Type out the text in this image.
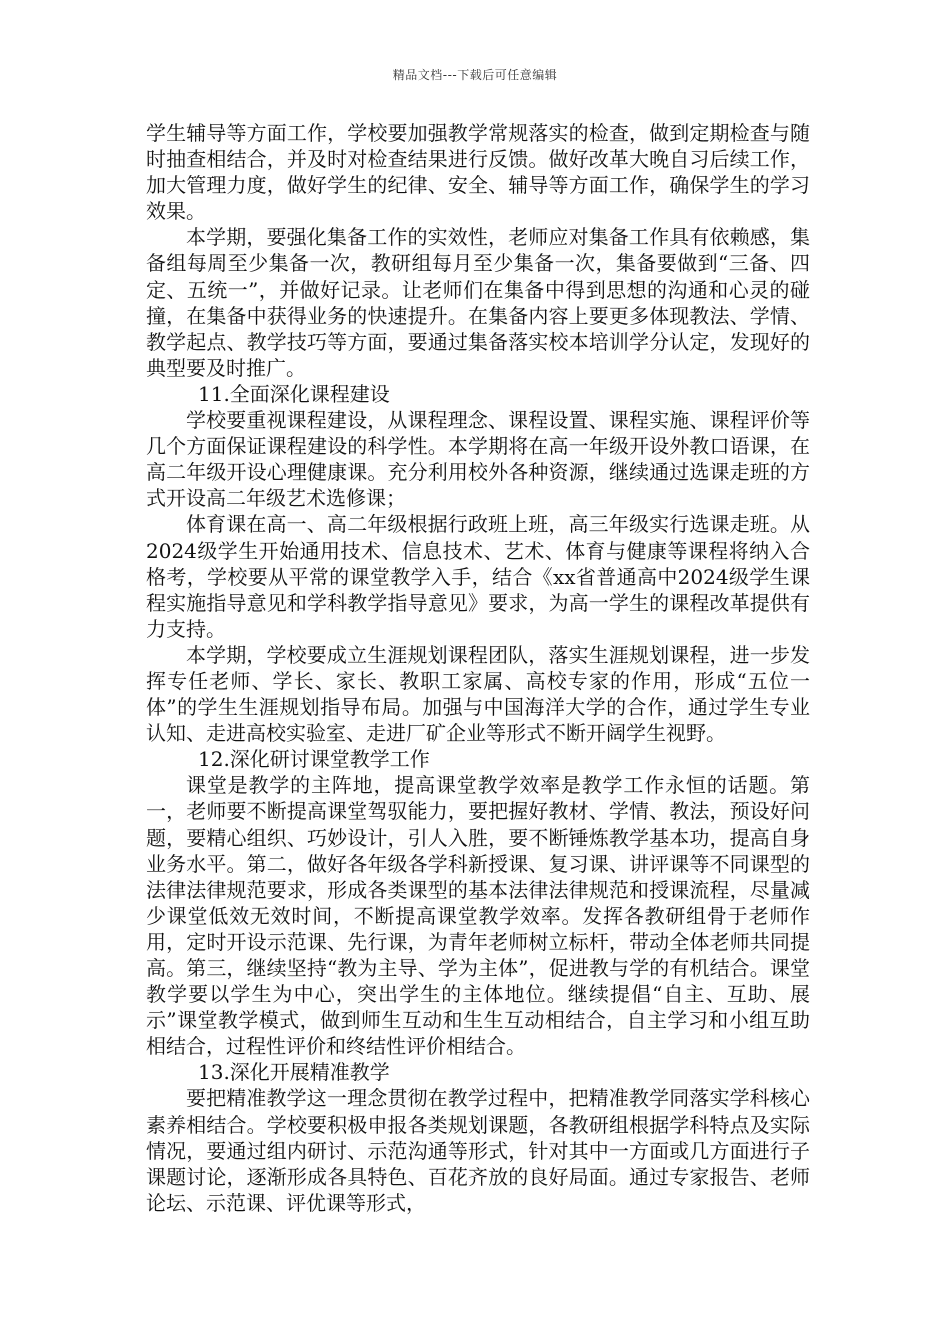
精品文档---下载后可任意编辑

学生辅导等方面工作，学校要加强教学常规落实的检查，做到定期检查与随时抽查相结合，并及时对检查结果进行反馈。做好改革大晚自习后续工作，加大管理力度，做好学生的纪律、安全、辅导等方面工作，确保学生的学习效果。

本学期，要强化集备工作的实效性，老师应对集备工作具有依赖感，集备组每周至少集备一次，教研组每月至少集备一次，集备要做到“三备、四定、五统一”，并做好记录。让老师们在集备中得到思想的沟通和心灵的碰撞，在集备中获得业务的快速提升。在集备内容上要更多体现教法、学情、教学起点、教学技巧等方面，要通过集备落实校本培训学分认定，发现好的典型要及时推广。

11.全面深化课程建设

学校要重视课程建设，从课程理念、课程设置、课程实施、课程评价等几个方面保证课程建设的科学性。本学期将在高一年级开设外教口语课，在高二年级开设心理健康课。充分利用校外各种资源，继续通过选课走班的方式开设高二年级艺术选修课；

体育课在高一、高二年级根据行政班上班，高三年级实行选课走班。从2024级学生开始通用技术、信息技术、艺术、体育与健康等课程将纳入合格考，学校要从平常的课堂教学入手，结合《xx省普通高中2024级学生课程实施指导意见和学科教学指导意见》要求，为高一学生的课程改革提供有力支持。

本学期，学校要成立生涯规划课程团队，落实生涯规划课程，进一步发挥专任老师、学长、家长、教职工家属、高校专家的作用，形成“五位一体”的学生生涯规划指导布局。加强与中国海洋大学的合作，通过学生专业认知、走进高校实验室、走进厂矿企业等形式不断开阔学生视野。

12.深化研讨课堂教学工作

课堂是教学的主阵地，提高课堂教学效率是教学工作永恒的话题。第一，老师要不断提高课堂驾驭能力，要把握好教材、学情、教法，预设好问题，要精心组织、巧妙设计，引人入胜，要不断锤炼教学基本功，提高自身业务水平。第二，做好各年级各学科新授课、复习课、讲评课等不同课型的法律法律规范要求，形成各类课型的基本法律法律规范和授课流程，尽量减少课堂低效无效时间，不断提高课堂教学效率。发挥各教研组骨于老师作用，定时开设示范课、先行课，为青年老师树立标杆，带动全体老师共同提高。第三，继续坚持“教为主导、学为主体”，促进教与学的有机结合。课堂教学要以学生为中心，突出学生的主体地位。继续提倡“自主、互助、展示”课堂教学模式，做到师生互动和生生互动相结合，自主学习和小组互助相结合，过程性评价和终结性评价相结合。

13.深化开展精准教学

要把精准教学这一理念贯彻在教学过程中，把精准教学同落实学科核心素养相结合。学校要积极申报各类规划课题，各教研组根据学科特点及实际情况，要通过组内研讨、示范沟通等形式，针对其中一方面或几方面进行子课题讨论，逐渐形成各具特色、百花齐放的良好局面。通过专家报告、老师论坛、示范课、评优课等形式，
